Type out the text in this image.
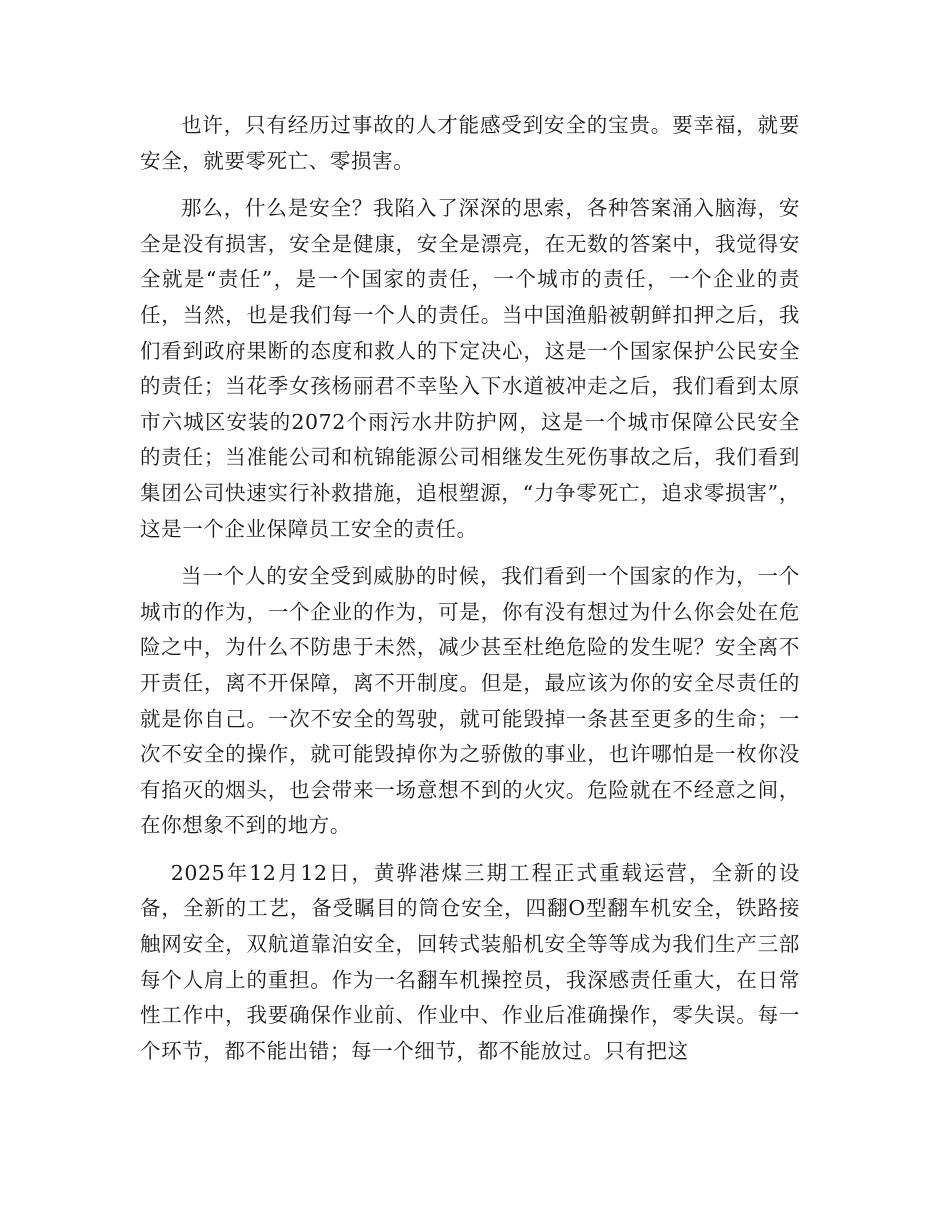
也许，只有经历过事故的人才能感受到安全的宝贵。要幸福，就要安全，就要零死亡、零损害。

那么，什么是安全？我陷入了深深的思索，各种答案涌入脑海，安全是没有损害，安全是健康，安全是漂亮，在无数的答案中，我觉得安全就是“责任”，是一个国家的责任，一个城市的责任，一个企业的责任，当然，也是我们每一个人的责任。当中国渔船被朝鲜扣押之后，我们看到政府果断的态度和救人的下定决心，这是一个国家保护公民安全的责任；当花季女孩杨丽君不幸坠入下水道被冲走之后，我们看到太原市六城区安装的2072个雨污水井防护网，这是一个城市保障公民安全的责任；当准能公司和杭锦能源公司相继发生死伤事故之后，我们看到集团公司快速实行补救措施，追根塑源，“力争零死亡，追求零损害”， 这是一个企业保障员工安全的责任。

当一个人的安全受到威胁的时候，我们看到一个国家的作为，一个城市的作为，一个企业的作为，可是，你有没有想过为什么你会处在危险之中，为什么不防患于未然，减少甚至杜绝危险的发生呢？安全离不开责任，离不开保障，离不开制度。但是，最应该为你的安全尽责任的就是你自己。一次不安全的驾驶，就可能毁掉一条甚至更多的生命；一次不安全的操作，就可能毁掉你为之骄傲的事业，也许哪怕是一枚你没有掐灭的烟头，也会带来一场意想不到的火灾。危险就在不经意之间，在你想象不到的地方。

2025年12月12日，黄骅港煤三期工程正式重载运营，全新的设备，全新的工艺，备受瞩目的筒仓安全，四翻O型翻车机安全，铁路接触网安全，双航道靠泊安全，回转式装船机安全等等成为我们生产三部每个人肩上的重担。作为一名翻车机操控员，我深感责任重大，在日常性工作中，我要确保作业前、作业中、作业后准确操作，零失误。每一个环节，都不能出错；每一个细节，都不能放过。只有把这
